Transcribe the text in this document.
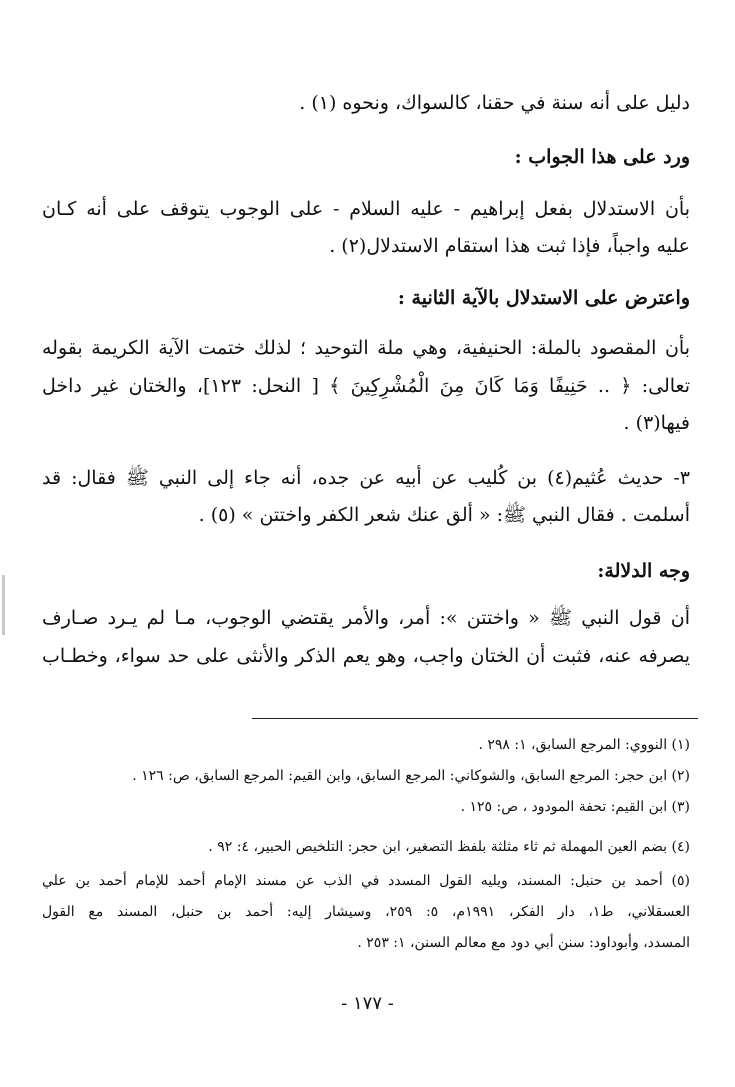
دليل على أنه سنة في حقنا، كالسواك، ونحوه (١) .
ورد على هذا الجواب :
بأن الاستدلال بفعل إبراهيم - عليه السلام - على الوجوب يتوقف على أنه كـان
عليه واجباً، فإذا ثبت هذا استقام الاستدلال(٢) .
واعترض على الاستدلال بالآية الثانية :
بأن المقصود بالملة: الحنيفية، وهي ملة التوحيد ؛ لذلك ختمت الآية الكريمة بقوله
تعالى: ﴿ .. حَنِيفًا وَمَا كَانَ مِنَ الْمُشْرِكِينَ ﴾ [ النحل: ١٢٣]، والختان غير داخل
فيها(٣) .
٣- حديث عُثيم(٤) بن كُليب عن أبيه عن جده، أنه جاء إلى النبي ﷺ فقال: قد
أسلمت . فقال النبي ﷺ: « ألق عنك شعر الكفر واختتن » (٥) .
وجه الدلالة:
أن قول النبي ﷺ « واختتن »: أمر، والأمر يقتضي الوجوب، مـا لم يـرد صـارف
يصرفه عنه، فثبت أن الختان واجب، وهو يعم الذكر والأنثى على حد سواء، وخطـاب
(١) النووي: المرجع السابق، ١: ٢٩٨ .
(٢) ابن حجر: المرجع السابق، والشوكاني: المرجع السابق، وابن القيم: المرجع السابق، ص: ١٢٦ .
(٣) ابن القيم: تحفة المودود ، ص: ١٢٥ .
(٤) بضم العين المهملة ثم ثاء مثلثة بلفظ التصغير، ابن حجر: التلخيص الحبير، ٤: ٩٢ .
(٥) أحمد بن حنبل: المسند، ويليه القول المسدد في الذب عن مسند الإمام أحمد للإمام أحمد بن علي
العسقلاني، ط١، دار الفكر، ١٩٩١م، ٥: ٢٥٩، وسيشار إليه: أحمد بن حنبل، المسند مع القول
المسدد، وأبوداود: سنن أبي دود مع معالم السنن، ١: ٢٥٣ .
- ١٧٧ -
